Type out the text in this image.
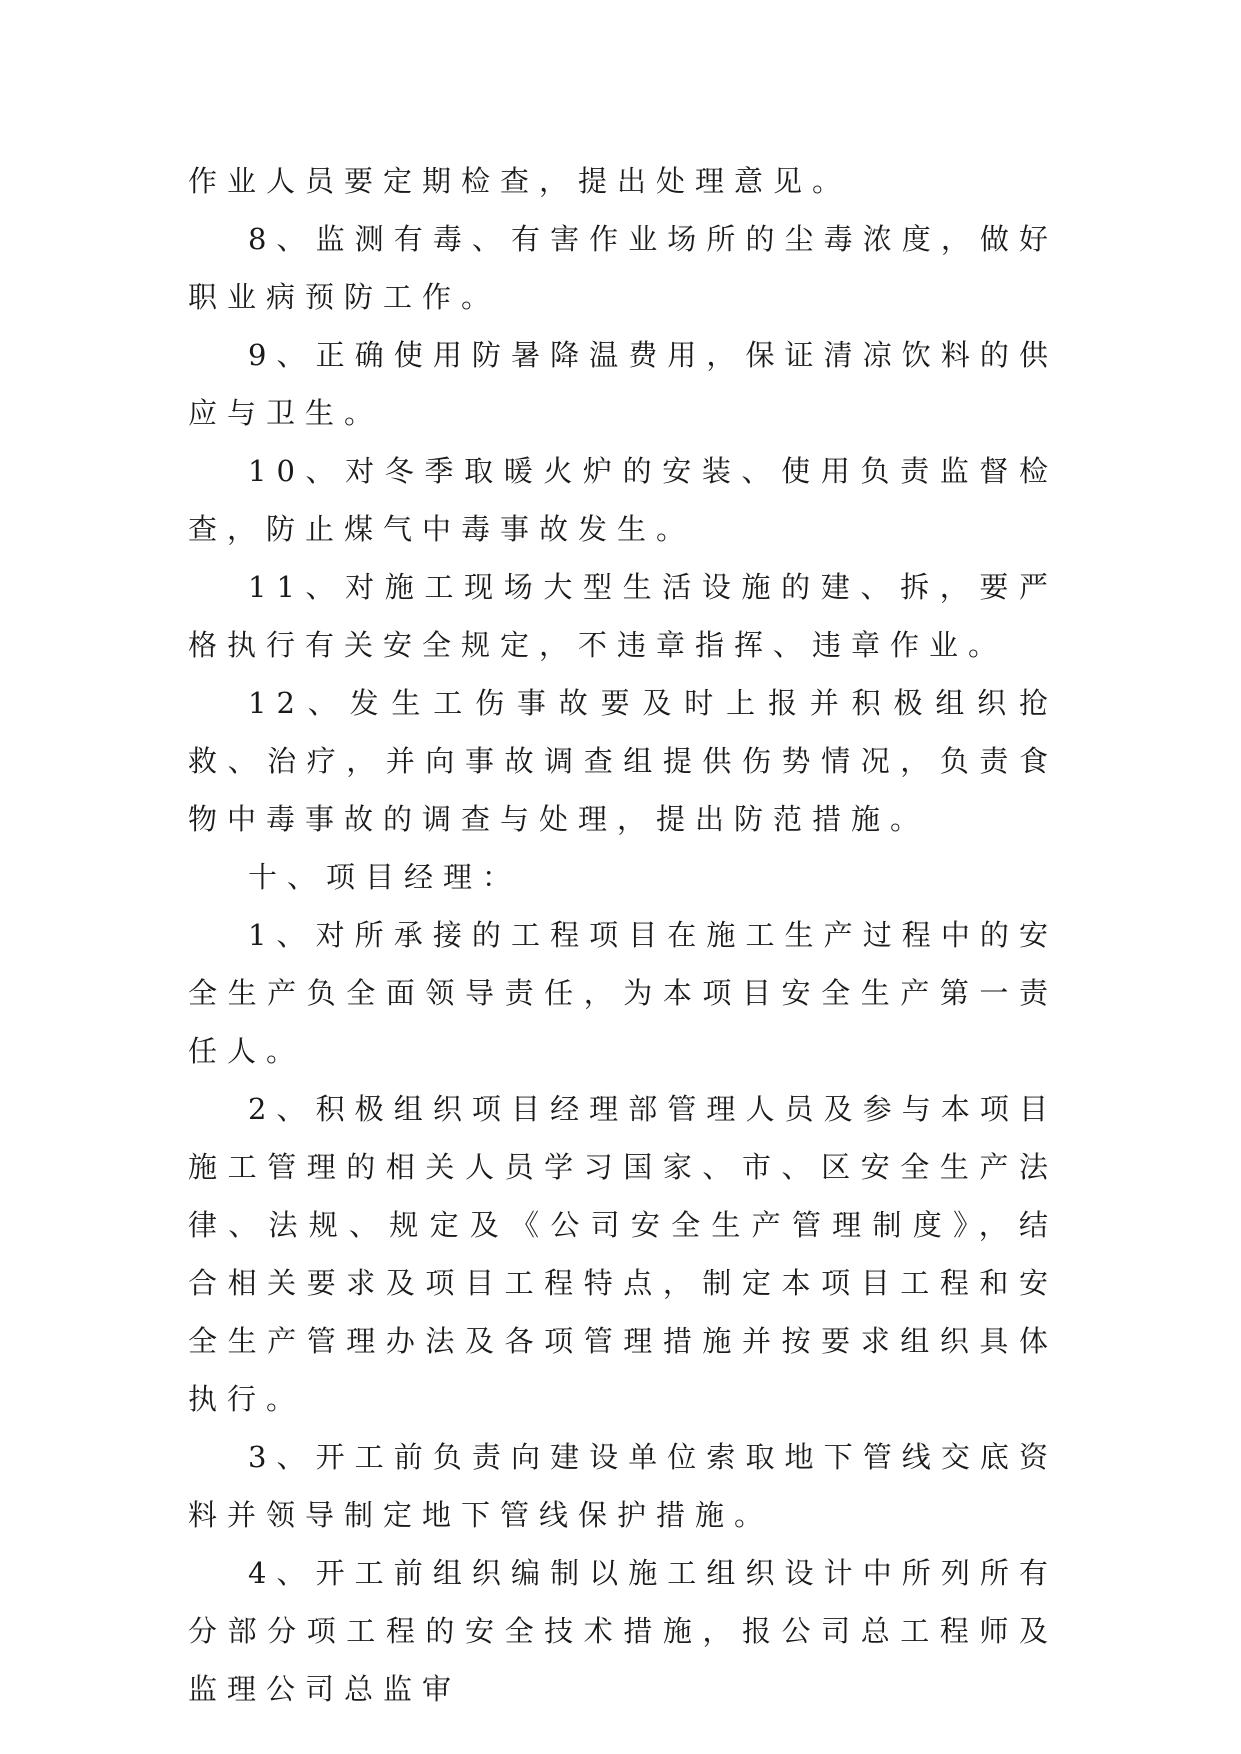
作业人员要定期检查，提出处理意见。

8、监测有毒、有害作业场所的尘毒浓度，做好职业病预防工作。

9、正确使用防暑降温费用，保证清凉饮料的供应与卫生。

10、对冬季取暖火炉的安装、使用负责监督检查，防止煤气中毒事故发生。

11、对施工现场大型生活设施的建、拆，要严格执行有关安全规定，不违章指挥、违章作业。

12、发生工伤事故要及时上报并积极组织抢救、治疗，并向事故调查组提供伤势情况，负责食物中毒事故的调查与处理，提出防范措施。

十、项目经理：

1、对所承接的工程项目在施工生产过程中的安全生产负全面领导责任，为本项目安全生产第一责任人。

2、积极组织项目经理部管理人员及参与本项目施工管理的相关人员学习国家、市、区安全生产法律、法规、规定及《公司安全生产管理制度》，结合相关要求及项目工程特点，制定本项目工程和安全生产管理办法及各项管理措施并按要求组织具体执行。

3、开工前负责向建设单位索取地下管线交底资料并领导制定地下管线保护措施。

4、开工前组织编制以施工组织设计中所列所有分部分项工程的安全技术措施，报公司总工程师及监理公司总监审
